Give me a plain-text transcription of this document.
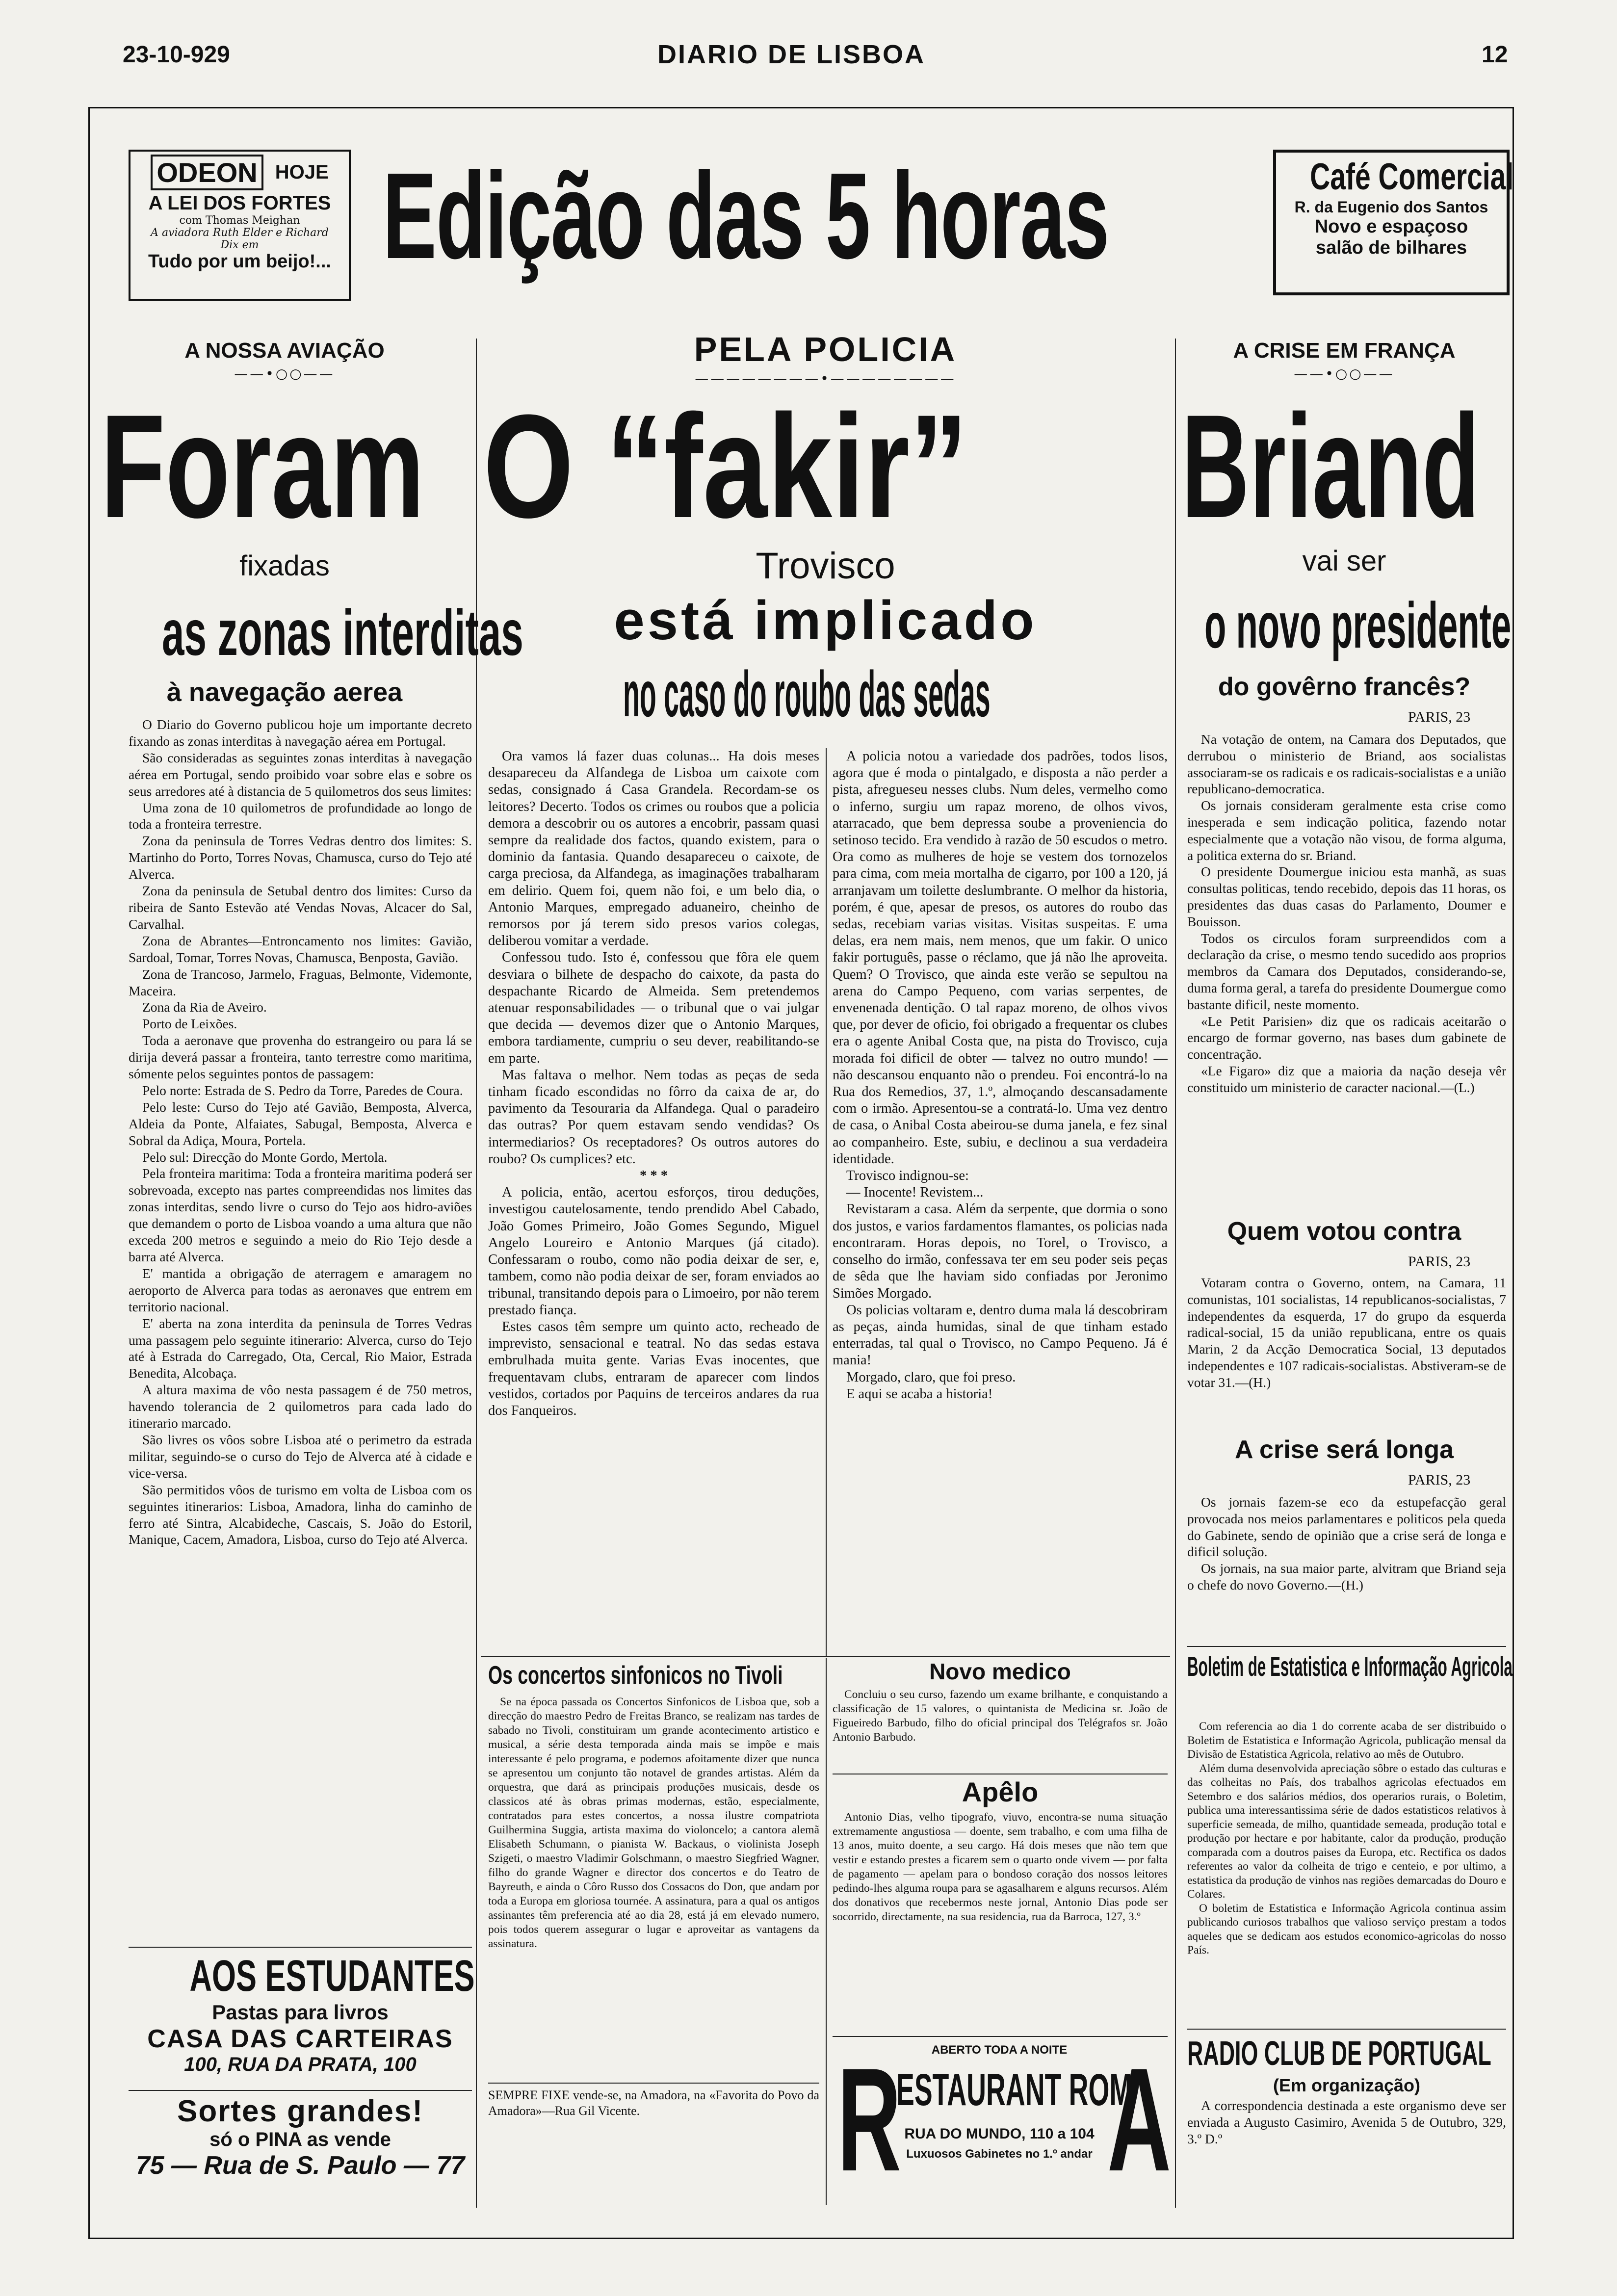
23-10-929	DIARIO DE LISBOA	12
ODEON HOJE
A LEI DOS FORTES
com Thomas Meighan
A aviadora Ruth Elder e Richard Dix em
Tudo por um beijo!... Edição das 5 horas	Café Comercial
R. da Eugenio dos Santos
Novo e espaçoso
salão de bilhares
A NOSSA AVIAÇÃO
——•○○——
Foram
fixadas
as zonas interditas
à navegação aerea

O Diario do Governo publicou hoje um importante decreto fixando as zonas interditas à navegação aérea em Portugal.

São consideradas as seguintes zonas interditas à navegação aérea em Portugal, sendo proibido voar sobre elas e sobre os seus arredores até à distancia de 5 quilometros dos seus limites:

Uma zona de 10 quilometros de profundidade ao longo de toda a fronteira terrestre.

Zona da peninsula de Torres Vedras dentro dos limites: S. Martinho do Porto, Torres Novas, Chamusca, curso do Tejo até Alverca.

Zona da peninsula de Setubal dentro dos limites: Curso da ribeira de Santo Estevão até Vendas Novas, Alcacer do Sal, Carvalhal.

Zona de Abrantes—Entroncamento nos limites: Gavião, Sardoal, Tomar, Torres Novas, Chamusca, Benposta, Gavião.

Zona de Trancoso, Jarmelo, Fraguas, Belmonte, Videmonte, Maceira.

Zona da Ria de Aveiro.

Porto de Leixões.

Toda a aeronave que provenha do estrangeiro ou para lá se dirija deverá passar a fronteira, tanto terrestre como maritima, sómente pelos seguintes pontos de passagem:

Pelo norte: Estrada de S. Pedro da Torre, Paredes de Coura.

Pelo leste: Curso do Tejo até Gavião, Bemposta, Alverca, Aldeia da Ponte, Alfaiates, Sabugal, Bemposta, Alverca e Sobral da Adiça, Moura, Portela.

Pelo sul: Direcção do Monte Gordo, Mertola.

Pela fronteira maritima: Toda a fronteira maritima poderá ser sobrevoada, excepto nas partes compreendidas nos limites das zonas interditas, sendo livre o curso do Tejo aos hidro-aviões que demandem o porto de Lisboa voando a uma altura que não exceda 200 metros e seguindo a meio do Rio Tejo desde a barra até Alverca.

E' mantida a obrigação de aterragem e amaragem no aeroporto de Alverca para todas as aeronaves que entrem em territorio nacional.

E' aberta na zona interdita da peninsula de Torres Vedras uma passagem pelo seguinte itinerario: Alverca, curso do Tejo até à Estrada do Carregado, Ota, Cercal, Rio Maior, Estrada Benedita, Alcobaça.

A altura maxima de vôo nesta passagem é de 750 metros, havendo tolerancia de 2 quilometros para cada lado do itinerario marcado.

São livres os vôos sobre Lisboa até o perimetro da estrada militar, seguindo-se o curso do Tejo de Alverca até à cidade e vice-versa.

São permitidos vôos de turismo em volta de Lisboa com os seguintes itinerarios: Lisboa, Amadora, linha do caminho de ferro até Sintra, Alcabideche, Cascais, S. João do Estoril, Manique, Cacem, Amadora, Lisboa, curso do Tejo até Alverca.

AOS ESTUDANTES
Pastas para livros
CASA DAS CARTEIRAS
100, RUA DA PRATA, 100
Sortes grandes!
só o PINA as vende
75 — Rua de S. Paulo — 77
PELA POLICIA
————————•————————
O “fakir”
Trovisco
está implicado
no caso do roubo das sedas

Ora vamos lá fazer duas colunas... Ha dois meses desapareceu da Alfandega de Lisboa um caixote com sedas, consignado á Casa Grandela. Recordam-se os leitores? Decerto. Todos os crimes ou roubos que a policia demora a descobrir ou os autores a encobrir, passam quasi sempre da realidade dos factos, quando existem, para o dominio da fantasia. Quando desapareceu o caixote, de carga preciosa, da Alfandega, as imaginações trabalharam em delirio. Quem foi, quem não foi, e um belo dia, o Antonio Marques, empregado aduaneiro, cheinho de remorsos por já terem sido presos varios colegas, deliberou vomitar a verdade.

Confessou tudo. Isto é, confessou que fôra ele quem desviara o bilhete de despacho do caixote, da pasta do despachante Ricardo de Almeida. Sem pretendemos atenuar responsabilidades — o tribunal que o vai julgar que decida — devemos dizer que o Antonio Marques, embora tardiamente, cumpriu o seu dever, reabilitando-se em parte.

Mas faltava o melhor. Nem todas as peças de seda tinham ficado escondidas no fôrro da caixa de ar, do pavimento da Tesouraria da Alfandega. Qual o paradeiro das outras? Por quem estavam sendo vendidas? Os intermediarios? Os receptadores? Os outros autores do roubo? Os cumplices? etc.

* * *

A policia, então, acertou esforços, tirou deduções, investigou cautelosamente, tendo prendido Abel Cabado, João Gomes Primeiro, João Gomes Segundo, Miguel Angelo Loureiro e Antonio Marques (já citado). Confessaram o roubo, como não podia deixar de ser, e, tambem, como não podia deixar de ser, foram enviados ao tribunal, transitando depois para o Limoeiro, por não terem prestado fiança.

Estes casos têm sempre um quinto acto, recheado de imprevisto, sensacional e teatral. No das sedas estava embrulhada muita gente. Varias Evas inocentes, que frequentavam clubs, entraram de aparecer com lindos vestidos, cortados por Paquins de terceiros andares da rua dos Fanqueiros.

A policia notou a variedade dos padrões, todos lisos, agora que é moda o pintalgado, e disposta a não perder a pista, afregueseu nesses clubs. Num deles, vermelho como o inferno, surgiu um rapaz moreno, de olhos vivos, atarracado, que bem depressa soube a proveniencia do setinoso tecido. Era vendido à razão de 50 escudos o metro. Ora como as mulheres de hoje se vestem dos tornozelos para cima, com meia mortalha de cigarro, por 100 a 120, já arranjavam um toilette deslumbrante. O melhor da historia, porém, é que, apesar de presos, os autores do roubo das sedas, recebiam varias visitas. Visitas suspeitas. E uma delas, era nem mais, nem menos, que um fakir. O unico fakir português, passe o réclamo, que já não lhe aproveita. Quem? O Trovisco, que ainda este verão se sepultou na arena do Campo Pequeno, com varias serpentes, de envenenada dentição. O tal rapaz moreno, de olhos vivos que, por dever de oficio, foi obrigado a frequentar os clubes era o agente Anibal Costa que, na pista do Trovisco, cuja morada foi dificil de obter — talvez no outro mundo! — não descansou enquanto não o prendeu. Foi encontrá-lo na Rua dos Remedios, 37, 1.º, almoçando descansadamente com o irmão. Apresentou-se a contratá-lo. Uma vez dentro de casa, o Anibal Costa abeirou-se duma janela, e fez sinal ao companheiro. Este, subiu, e declinou a sua verdadeira identidade.

Trovisco indignou-se:

— Inocente! Revistem...

Revistaram a casa. Além da serpente, que dormia o sono dos justos, e varios fardamentos flamantes, os policias nada encontraram. Horas depois, no Torel, o Trovisco, a conselho do irmão, confessava ter em seu poder seis peças de sêda que lhe haviam sido confiadas por Jeronimo Simões Morgado.

Os policias voltaram e, dentro duma mala lá descobriram as peças, ainda humidas, sinal de que tinham estado enterradas, tal qual o Trovisco, no Campo Pequeno. Já é mania!

Morgado, claro, que foi preso.

E aqui se acaba a historia!

Os concertos sinfonicos no Tivoli

Se na época passada os Concertos Sinfonicos de Lisboa que, sob a direcção do maestro Pedro de Freitas Branco, se realizam nas tardes de sabado no Tivoli, constituiram um grande acontecimento artistico e musical, a série desta temporada ainda mais se impõe e mais interessante é pelo programa, e podemos afoitamente dizer que nunca se apresentou um conjunto tão notavel de grandes artistas. Além da orquestra, que dará as principais produções musicais, desde os classicos até às obras primas modernas, estão, especialmente, contratados para estes concertos, a nossa ilustre compatriota Guilhermina Suggia, artista maxima do violoncelo; a cantora alemã Elisabeth Schumann, o pianista W. Backaus, o violinista Joseph Szigeti, o maestro Vladimir Golschmann, o maestro Siegfried Wagner, filho do grande Wagner e director dos concertos e do Teatro de Bayreuth, e ainda o Côro Russo dos Cossacos do Don, que andam por toda a Europa em gloriosa tournée. A assinatura, para a qual os antigos assinantes têm preferencia até ao dia 28, está já em elevado numero, pois todos querem assegurar o lugar e aproveitar as vantagens da assinatura.

SEMPRE FIXE vende-se, na Amadora, na «Favorita do Povo da Amadora»—Rua Gil Vicente.
Novo medico

Concluiu o seu curso, fazendo um exame brilhante, e conquistando a classificação de 15 valores, o quintanista de Medicina sr. João de Figueiredo Barbudo, filho do oficial principal dos Telégrafos sr. João Antonio Barbudo.

Apêlo

Antonio Dias, velho tipografo, viuvo, encontra-se numa situação extremamente angustiosa — doente, sem trabalho, e com uma filha de 13 anos, muito doente, a seu cargo. Há dois meses que não tem que vestir e estando prestes a ficarem sem o quarto onde vivem — por falta de pagamento — apelam para o bondoso coração dos nossos leitores pedindo-lhes alguma roupa para se agasalharem e alguns recursos. Além dos donativos que recebermos neste jornal, Antonio Dias pode ser socorrido, directamente, na sua residencia, rua da Barroca, 127, 3.º

R A
ABERTO TODA A NOITE
ESTAURANT ROM
RUA DO MUNDO, 110 a 104
Luxuosos Gabinetes no 1.º andar
A CRISE EM FRANÇA
——•○○——
Briand
vai ser
o novo presidente
do govêrno francês?
PARIS, 23

Na votação de ontem, na Camara dos Deputados, que derrubou o ministerio de Briand, aos socialistas associaram-se os radicais e os radicais-socialistas e a união republicano-democratica.

Os jornais consideram geralmente esta crise como inesperada e sem indicação politica, fazendo notar especialmente que a votação não visou, de forma alguma, a politica externa do sr. Briand.

O presidente Doumergue iniciou esta manhã, as suas consultas politicas, tendo recebido, depois das 11 horas, os presidentes das duas casas do Parlamento, Doumer e Bouisson.

Todos os circulos foram surpreendidos com a declaração da crise, o mesmo tendo sucedido aos proprios membros da Camara dos Deputados, considerando-se, duma forma geral, a tarefa do presidente Doumergue como bastante dificil, neste momento.

«Le Petit Parisien» diz que os radicais aceitarão o encargo de formar governo, nas bases dum gabinete de concentração.

«Le Figaro» diz que a maioria da nação deseja vêr constituido um ministerio de caracter nacional.—(L.)

Quem votou contra
PARIS, 23

Votaram contra o Governo, ontem, na Camara, 11 comunistas, 101 socialistas, 14 republicanos-socialistas, 7 independentes da esquerda, 17 do grupo da esquerda radical-social, 15 da união republicana, entre os quais Marin, 2 da Acção Democratica Social, 13 deputados independentes e 107 radicais-socialistas. Abstiveram-se de votar 31.—(H.)

A crise será longa
PARIS, 23

Os jornais fazem-se eco da estupefacção geral provocada nos meios parlamentares e politicos pela queda do Gabinete, sendo de opinião que a crise será de longa e dificil solução.

Os jornais, na sua maior parte, alvitram que Briand seja o chefe do novo Governo.—(H.)

Boletim de Estatistica e Informação Agricola

Com referencia ao dia 1 do corrente acaba de ser distribuido o Boletim de Estatistica e Informação Agricola, publicação mensal da Divisão de Estatistica Agricola, relativo ao mês de Outubro.

Além duma desenvolvida apreciação sôbre o estado das culturas e das colheitas no País, dos trabalhos agricolas efectuados em Setembro e dos salários médios, dos operarios rurais, o Boletim, publica uma interessantissima série de dados estatisticos relativos à superficie semeada, de milho, quantidade semeada, produção total e produção por hectare e por habitante, calor da produção, produção comparada com a doutros paises da Europa, etc. Rectifica os dados referentes ao valor da colheita de trigo e centeio, e por ultimo, a estatistica da produção de vinhos nas regiões demarcadas do Douro e Colares.

O boletim de Estatistica e Informação Agricola continua assim publicando curiosos trabalhos que valioso serviço prestam a todos aqueles que se dedicam aos estudos economico-agricolas do nosso País.

RADIO CLUB DE PORTUGAL
(Em organização)

A correspondencia destinada a este organismo deve ser enviada a Augusto Casimiro, Avenida 5 de Outubro, 329, 3.º D.º
